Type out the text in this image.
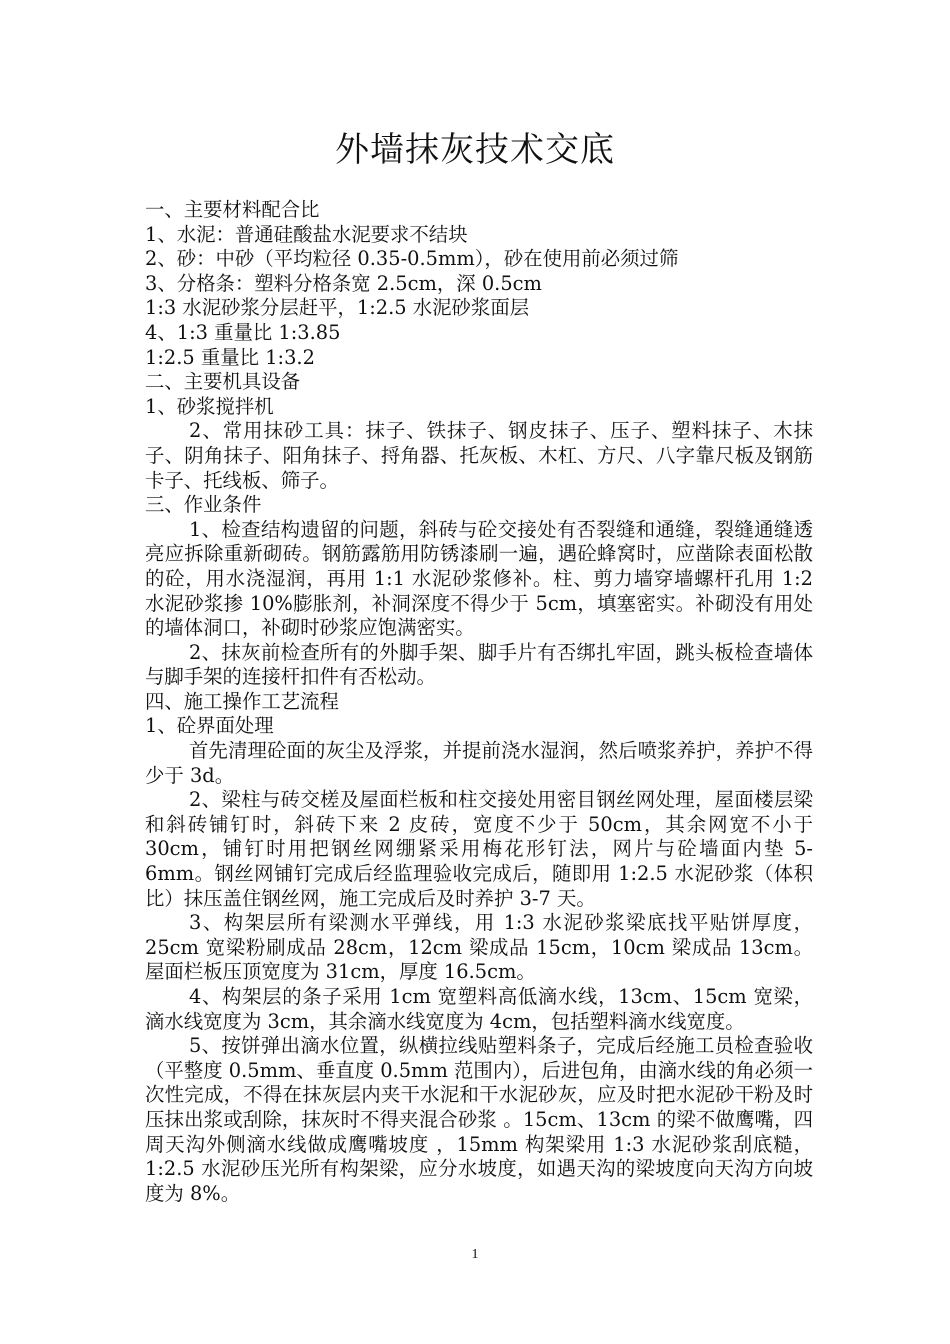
外墙抹灰技术交底

一、主要材料配合比

1、水泥：普通硅酸盐水泥要求不结块

2、砂：中砂（平均粒径 0.35-0.5mm），砂在使用前必须过筛

3、分格条：塑料分格条宽 2.5cm，深 0.5cm

1:3 水泥砂浆分层赶平，1:2.5 水泥砂浆面层

4、1:3 重量比 1:3.85

1:2.5 重量比 1:3.2

二、主要机具设备

1、砂浆搅拌机

2、常用抹砂工具：抹子、铁抹子、钢皮抹子、压子、塑料抹子、木抹子、阴角抹子、阳角抹子、捋角器、托灰板、木杠、方尺、八字靠尺板及钢筋卡子、托线板、筛子。

三、作业条件

1、检查结构遗留的问题，斜砖与砼交接处有否裂缝和通缝，裂缝通缝透亮应拆除重新砌砖。钢筋露筋用防锈漆刷一遍，遇砼蜂窝时，应凿除表面松散的砼，用水浇湿润，再用 1:1 水泥砂浆修补。柱、剪力墙穿墙螺杆孔用 1:2 水泥砂浆掺 10%膨胀剂，补洞深度不得少于 5cm，填塞密实。补砌没有用处的墙体洞口，补砌时砂浆应饱满密实。

2、抹灰前检查所有的外脚手架、脚手片有否绑扎牢固，跳头板检查墙体与脚手架的连接杆扣件有否松动。

四、施工操作工艺流程

1、砼界面处理

首先清理砼面的灰尘及浮浆，并提前浇水湿润，然后喷浆养护，养护不得少于 3d。

2、梁柱与砖交槎及屋面栏板和柱交接处用密目钢丝网处理，屋面楼层梁和斜砖铺钉时，斜砖下来 2 皮砖，宽度不少于 50cm，其余网宽不小于 30cm，铺钉时用把钢丝网绷紧采用梅花形钉法，网片与砼墙面内垫 5-6mm。钢丝网铺钉完成后经监理验收完成后，随即用 1:2.5 水泥砂浆（体积比）抹压盖住钢丝网，施工完成后及时养护 3-7 天。

3、构架层所有梁测水平弹线，用 1:3 水泥砂浆梁底找平贴饼厚度，25cm 宽梁粉刷成品 28cm，12cm 梁成品 15cm，10cm 梁成品 13cm。屋面栏板压顶宽度为 31cm，厚度 16.5cm。

4、构架层的条子采用 1cm 宽塑料高低滴水线，13cm、15cm 宽梁，滴水线宽度为 3cm，其余滴水线宽度为 4cm，包括塑料滴水线宽度。

5、按饼弹出滴水位置，纵横拉线贴塑料条子，完成后经施工员检查验收（平整度 0.5mm、垂直度 0.5mm 范围内），后进包角，由滴水线的角必须一次性完成，不得在抹灰层内夹干水泥和干水泥砂灰，应及时把水泥砂干粉及时压抹出浆或刮除，抹灰时不得夹混合砂浆 。15cm、13cm 的梁不做鹰嘴，四周天沟外侧滴水线做成鹰嘴坡度 ，15mm 构架梁用 1:3 水泥砂浆刮底糙，1:2.5 水泥砂压光所有构架梁，应分水坡度，如遇天沟的梁坡度向天沟方向坡度为 8%。

1
